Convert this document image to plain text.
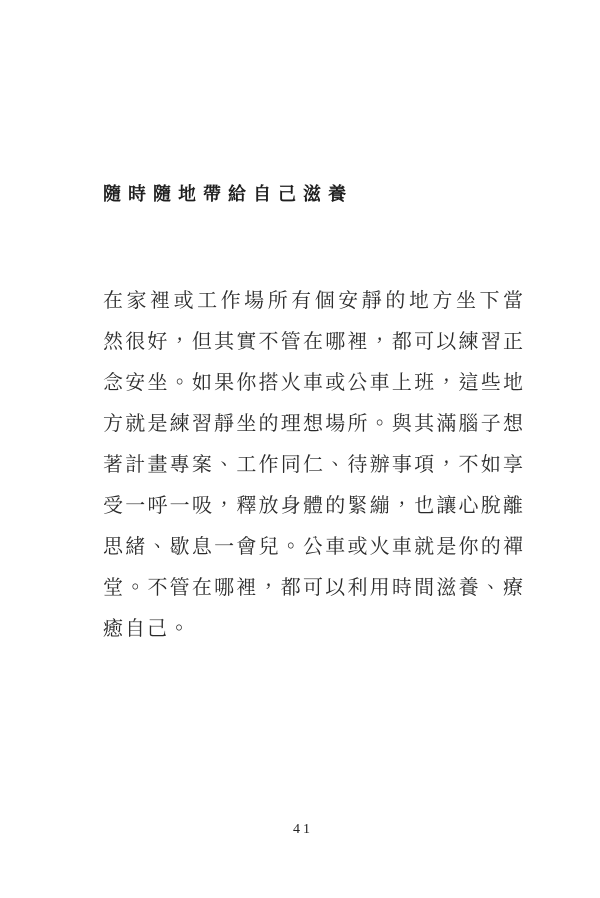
隨時隨地帶給自己滋養
在家裡或工作場所有個安靜的地方坐下當
然很好，但其實不管在哪裡，都可以練習正
念安坐。如果你搭火車或公車上班，這些地
方就是練習靜坐的理想場所。與其滿腦子想
著計畫專案、工作同仁、待辦事項，不如享
受一呼一吸，釋放身體的緊繃，也讓心脫離
思緒、歇息一會兒。公車或火車就是你的禪
堂。不管在哪裡，都可以利用時間滋養、療
癒自己。
41
